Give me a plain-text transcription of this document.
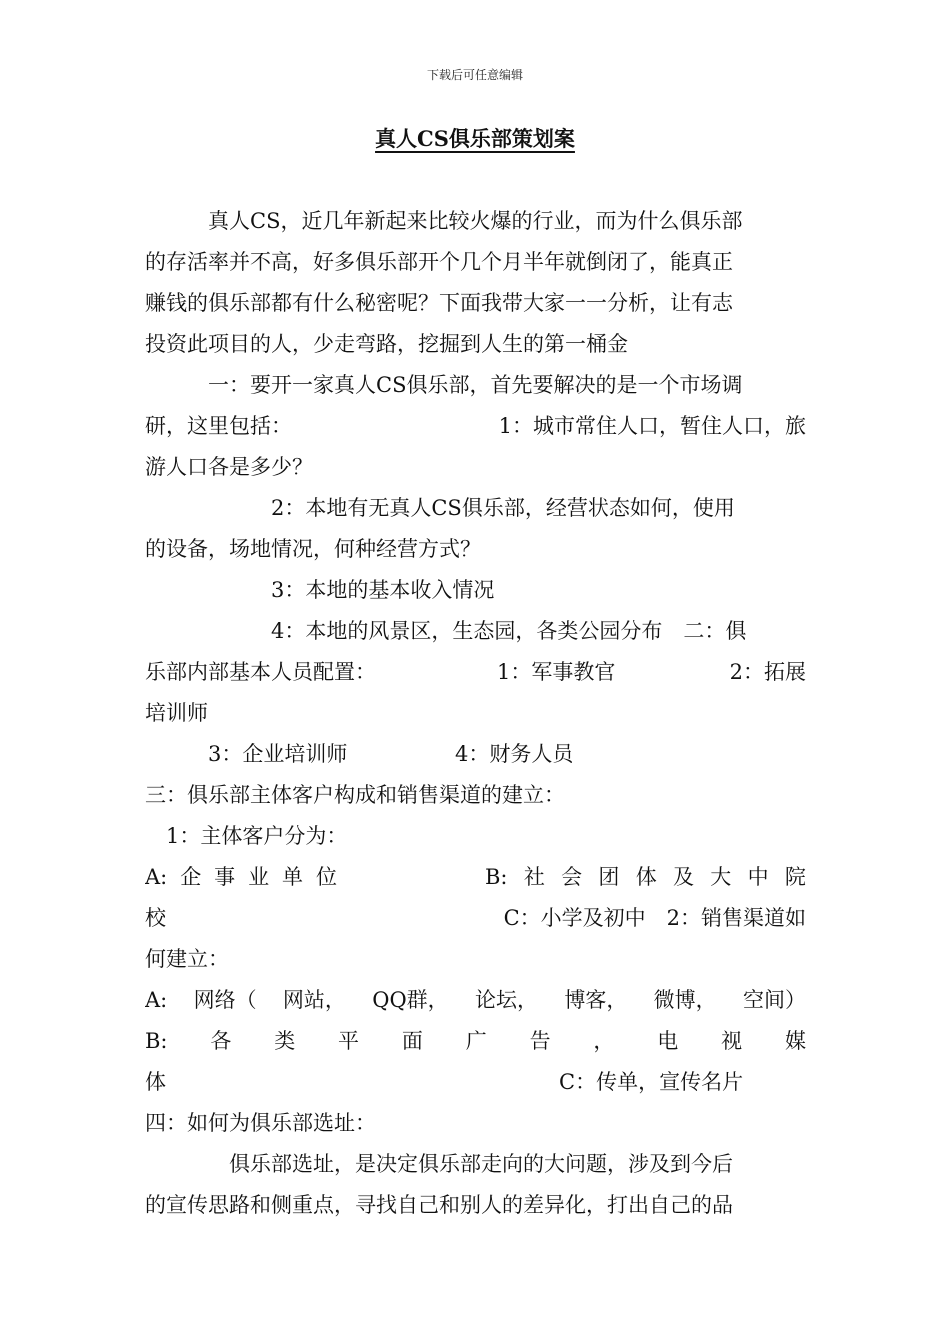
下载后可任意编辑
真人CS俱乐部策划案
　　　真人CS，近几年新起来比较火爆的行业，而为什么俱乐部
的存活率并不高，好多俱乐部开个几个月半年就倒闭了，能真正
赚钱的俱乐部都有什么秘密呢？下面我带大家一一分析，让有志
投资此项目的人，少走弯路，挖掘到人生的第一桶金
　　　一：要开一家真人CS俱乐部，首先要解决的是一个市场调
研，这里包括：	1：城市常住人口，暂住人口，旅
游人口各是多少？
　　　　　　2：本地有无真人CS俱乐部，经营状态如何，使用
的设备，场地情况，何种经营方式？
　　　　　　3：本地的基本收入情况
　　　　　　4：本地的风景区，生态园，各类公园分布　二：俱
乐部内部基本人员配置：	1：军事教官	2：拓展
培训师
　　　3：企业培训师	4：财务人员
三：俱乐部主体客户构成和销售渠道的建立：
　1：主体客户分为：
A: 企 事 业 单 位	B: 社 会 团 体 及 大 中 院
校	C：小学及初中　2：销售渠道如
何建立：
A: 网络（ 网站， QQ群， 论坛， 博客， 微博， 空间）
B: 各 类 平 面 广 告 ， 电 视 媒
体	C：传单，宣传名片
四：如何为俱乐部选址：
　　　　俱乐部选址，是决定俱乐部走向的大问题，涉及到今后
的宣传思路和侧重点，寻找自己和别人的差异化，打出自己的品
